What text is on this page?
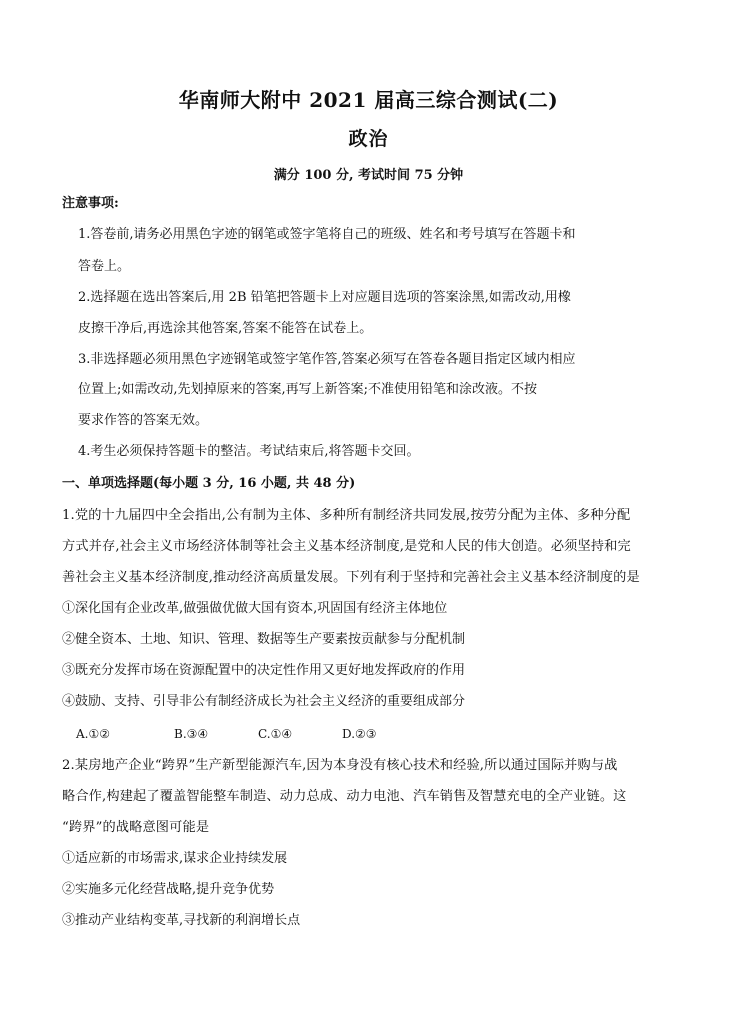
华南师大附中 2021 届高三综合测试(二)
政治
满分 100 分, 考试时间 75 分钟
注意事项:
1.答卷前,请务必用黑色字迹的钢笔或签字笔将自己的班级、姓名和考号填写在答题卡和
答卷上。
2.选择题在选出答案后,用 2B 铅笔把答题卡上对应题目选项的答案涂黑,如需改动,用橡
皮擦干净后,再选涂其他答案,答案不能答在试卷上。
3.非选择题必须用黑色字迹钢笔或签字笔作答,答案必须写在答卷各题目指定区域内相应
位置上;如需改动,先划掉原来的答案,再写上新答案;不准使用铅笔和涂改液。不按
要求作答的答案无效。
4.考生必须保持答题卡的整洁。考试结束后,将答题卡交回。
一、单项选择题(每小题 3 分, 16 小题, 共 48 分)
1.党的十九届四中全会指出,公有制为主体、多种所有制经济共同发展,按劳分配为主体、多种分配
方式并存,社会主义市场经济体制等社会主义基本经济制度,是党和人民的伟大创造。必须坚持和完
善社会主义基本经济制度,推动经济高质量发展。下列有利于坚持和完善社会主义基本经济制度的是
①深化国有企业改革,做强做优做大国有资本,巩固国有经济主体地位
②健全资本、土地、知识、管理、数据等生产要素按贡献参与分配机制
③既充分发挥市场在资源配置中的决定性作用又更好地发挥政府的作用
④鼓励、支持、引导非公有制经济成长为社会主义经济的重要组成部分
A.①②	B.③④	C.①④	D.②③
2.某房地产企业“跨界”生产新型能源汽车,因为本身没有核心技术和经验,所以通过国际并购与战
略合作,构建起了覆盖智能整车制造、动力总成、动力电池、汽车销售及智慧充电的全产业链。这
“跨界”的战略意图可能是
①适应新的市场需求,谋求企业持续发展
②实施多元化经营战略,提升竞争优势
③推动产业结构变革,寻找新的利润增长点
